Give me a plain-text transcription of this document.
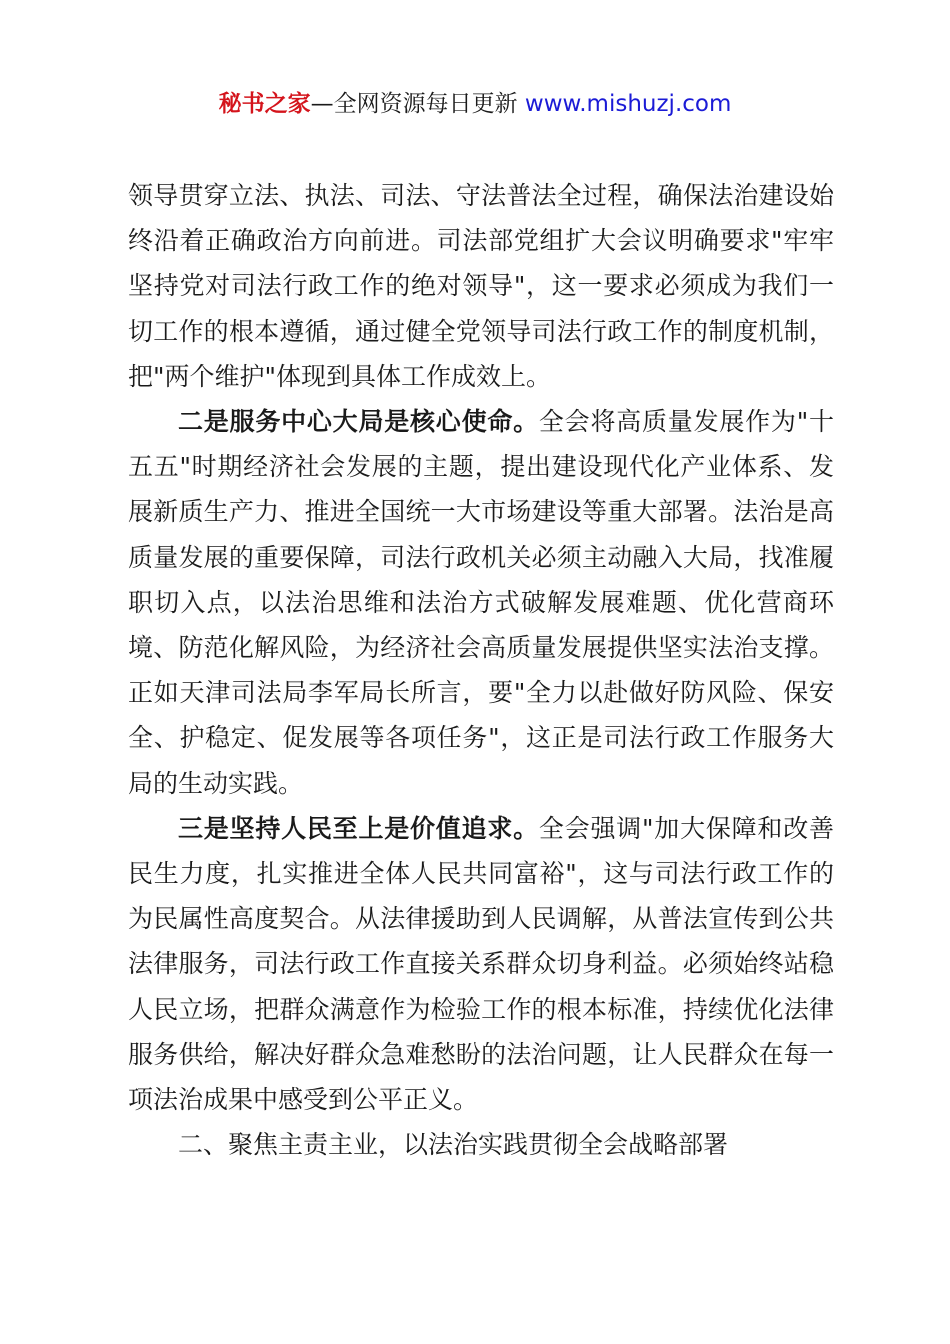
秘书之家—全网资源每日更新 www.mishuzj.com

领导贯穿立法、执法、司法、守法普法全过程，确保法治建设始终沿着正确政治方向前进。司法部党组扩大会议明确要求"牢牢坚持党对司法行政工作的绝对领导"，这一要求必须成为我们一切工作的根本遵循，通过健全党领导司法行政工作的制度机制，把"两个维护"体现到具体工作成效上。

二是服务中心大局是核心使命。全会将高质量发展作为"十五五"时期经济社会发展的主题，提出建设现代化产业体系、发展新质生产力、推进全国统一大市场建设等重大部署。法治是高质量发展的重要保障，司法行政机关必须主动融入大局，找准履职切入点，以法治思维和法治方式破解发展难题、优化营商环境、防范化解风险，为经济社会高质量发展提供坚实法治支撑。正如天津司法局李军局长所言，要"全力以赴做好防风险、保安全、护稳定、促发展等各项任务"，这正是司法行政工作服务大局的生动实践。

三是坚持人民至上是价值追求。全会强调"加大保障和改善民生力度，扎实推进全体人民共同富裕"，这与司法行政工作的为民属性高度契合。从法律援助到人民调解，从普法宣传到公共法律服务，司法行政工作直接关系群众切身利益。必须始终站稳人民立场，把群众满意作为检验工作的根本标准，持续优化法律服务供给，解决好群众急难愁盼的法治问题，让人民群众在每一项法治成果中感受到公平正义。

二、聚焦主责主业，以法治实践贯彻全会战略部署
